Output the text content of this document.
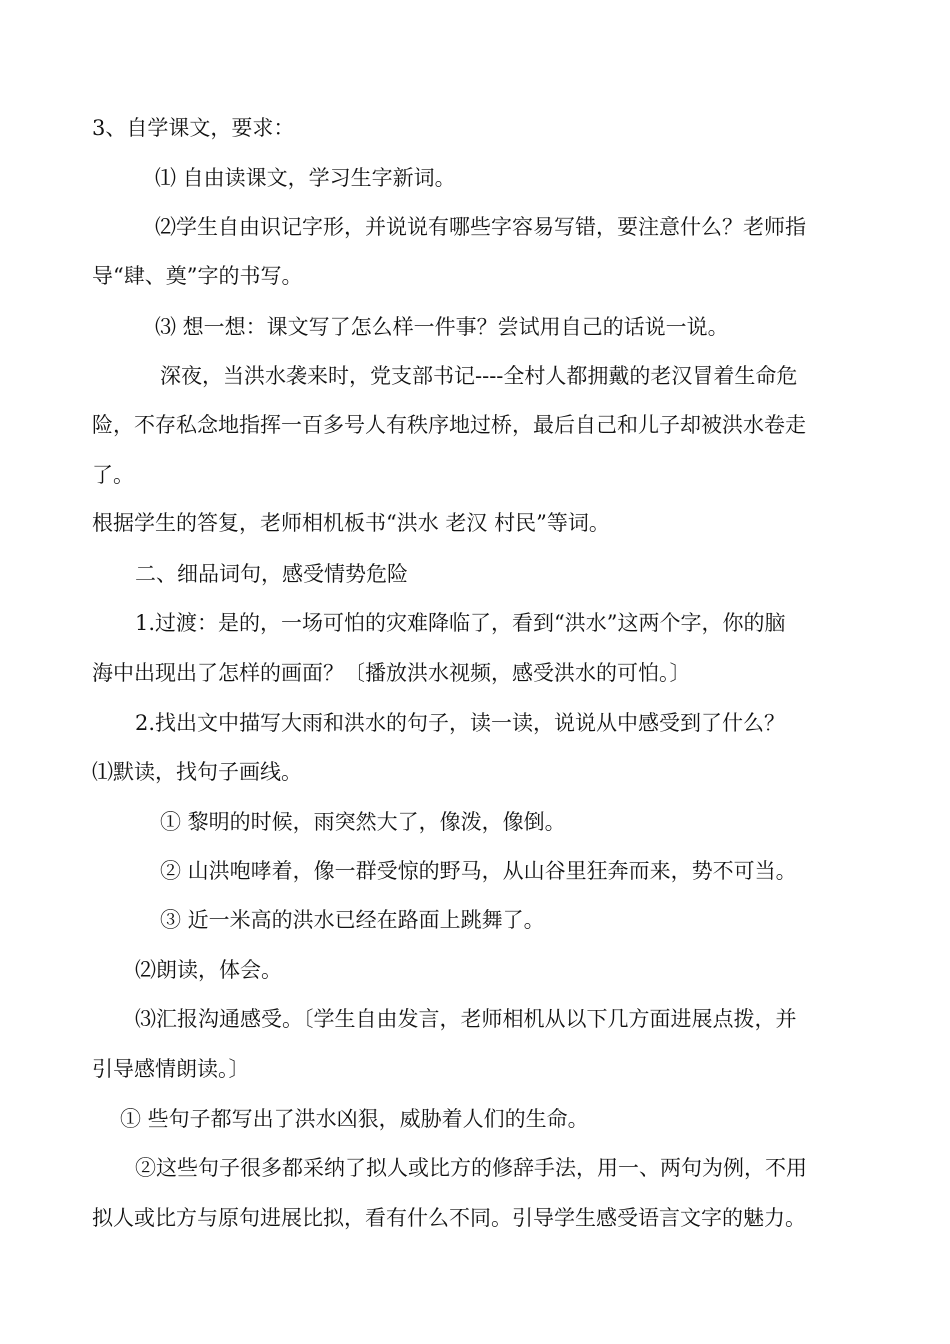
3、自学课文，要求：
⑴ 自由读课文，学习生字新词。
⑵学生自由识记字形，并说说有哪些字容易写错，要注意什么？老师指
导“肆、奠”字的书写。
⑶ 想一想：课文写了怎么样一件事？尝试用自己的话说一说。
深夜，当洪水袭来时，党支部书记----全村人都拥戴的老汉冒着生命危
险，不存私念地指挥一百多号人有秩序地过桥，最后自己和儿子却被洪水卷走
了。
根据学生的答复，老师相机板书“洪水 老汉 村民”等词。
二、细品词句，感受情势危险
1.过渡：是的，一场可怕的灾难降临了，看到“洪水”这两个字，你的脑
海中出现出了怎样的画面？〔播放洪水视频，感受洪水的可怕。〕
2.找出文中描写大雨和洪水的句子，读一读，说说从中感受到了什么？
⑴默读，找句子画线。
① 黎明的时候，雨突然大了，像泼，像倒。
② 山洪咆哮着，像一群受惊的野马，从山谷里狂奔而来，势不可当。
③ 近一米高的洪水已经在路面上跳舞了。
⑵朗读，体会。
⑶汇报沟通感受。〔学生自由发言，老师相机从以下几方面进展点拨，并
引导感情朗读。〕
① 些句子都写出了洪水凶狠，威胁着人们的生命。
②这些句子很多都采纳了拟人或比方的修辞手法，用一、两句为例，不用
拟人或比方与原句进展比拟，看有什么不同。引导学生感受语言文字的魅力。
